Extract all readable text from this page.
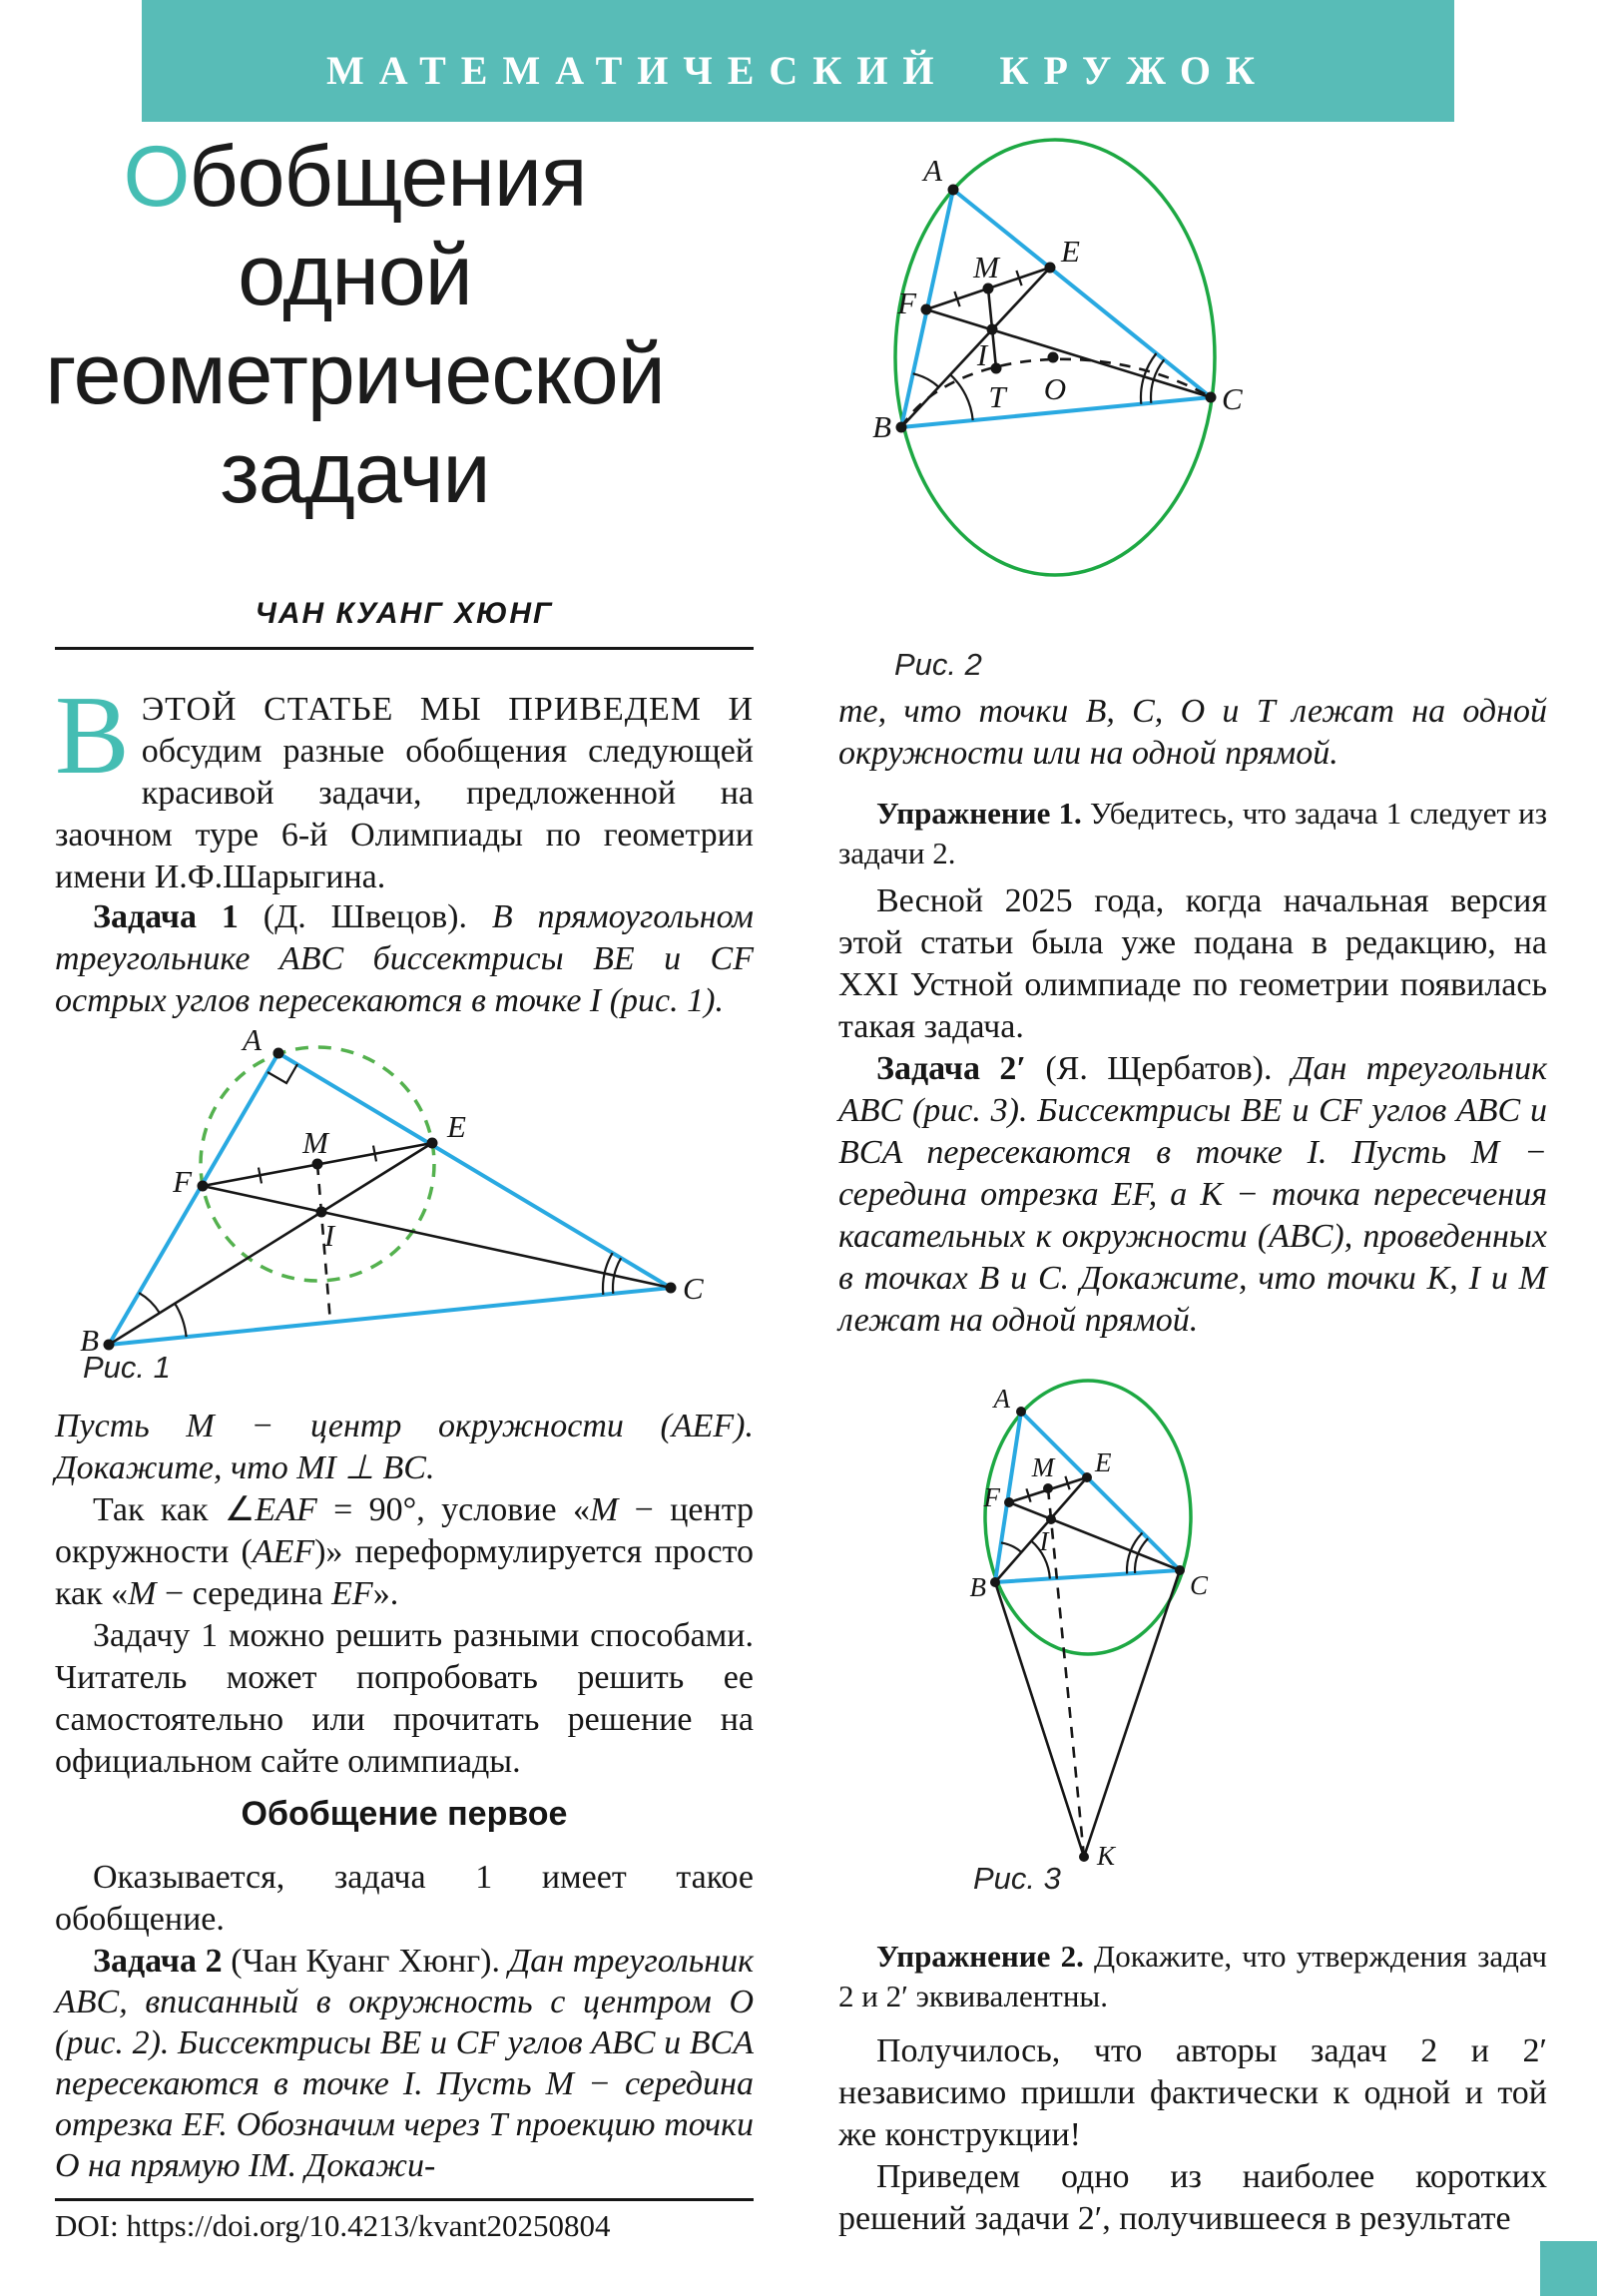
МАТЕМАТИЧЕСКИЙ КРУЖОК
Обобщения
одной
геометрической
задачи
ЧАН КУАНГ ХЮНГ
ВЭТОЙ СТАТЬЕ МЫ ПРИВЕДЕМ И обсудим разные обобщения следующей красивой задачи, предложенной на заочном туре 6-й Олимпиады по геометрии имени И.Ф.Шарыгина.
Задача 1 (Д. Швецов). В прямоугольном треугольнике ABC биссектрисы BE и CF острых углов пересекаются в точке I (рис. 1).
A
B
C
E
F
M
I
Рис. 1
Пусть M − центр окружности (AEF). Докажите, что MI ⊥ BC.
Так как ∠EAF = 90°, условие «M − центр окружности (AEF)» переформулируется просто как «M − середина EF».
Задачу 1 можно решить разными способами. Читатель может попробовать решить ее самостоятельно или прочитать решение на официальном сайте олимпиады.
Обобщение первое
Оказывается, задача 1 имеет такое обобщение.
Задача 2 (Чан Куанг Хюнг). Дан треугольник ABC, вписанный в окружность с центром O (рис. 2). Биссектрисы BE и CF углов ABC и BCA пересекаются в точке I. Пусть M − середина отрезка EF. Обозначим через T проекцию точки O на прямую IM. Докажи-
DOI: https://doi.org/10.4213/kvant20250804
A
B
C
E
F
M
I
O
T
Рис. 2
те, что точки B, C, O и T лежат на одной окружности или на одной прямой.
Упражнение 1. Убедитесь, что задача 1 следует из задачи 2.
Весной 2025 года, когда начальная версия этой статьи была уже подана в редакцию, на XXI Устной олимпиаде по геометрии появилась такая задача.
Задача 2′ (Я. Щербатов). Дан треугольник ABC (рис. 3). Биссектрисы BE и CF углов ABC и BCA пересекаются в точке I. Пусть M − середина отрезка EF, а K − точка пересечения касательных к окружности (ABC), проведенных в точках B и C. Докажите, что точки K, I и M лежат на одной прямой.
A
B	C
E
F
M
I
K
Рис. 3
Упражнение 2. Докажите, что утверждения задач 2 и 2′ эквивалентны.
Получилось, что авторы задач 2 и 2′ независимо пришли фактически к одной и той же конструкции!
Приведем одно из наиболее коротких решений задачи 2′, получившееся в результате
